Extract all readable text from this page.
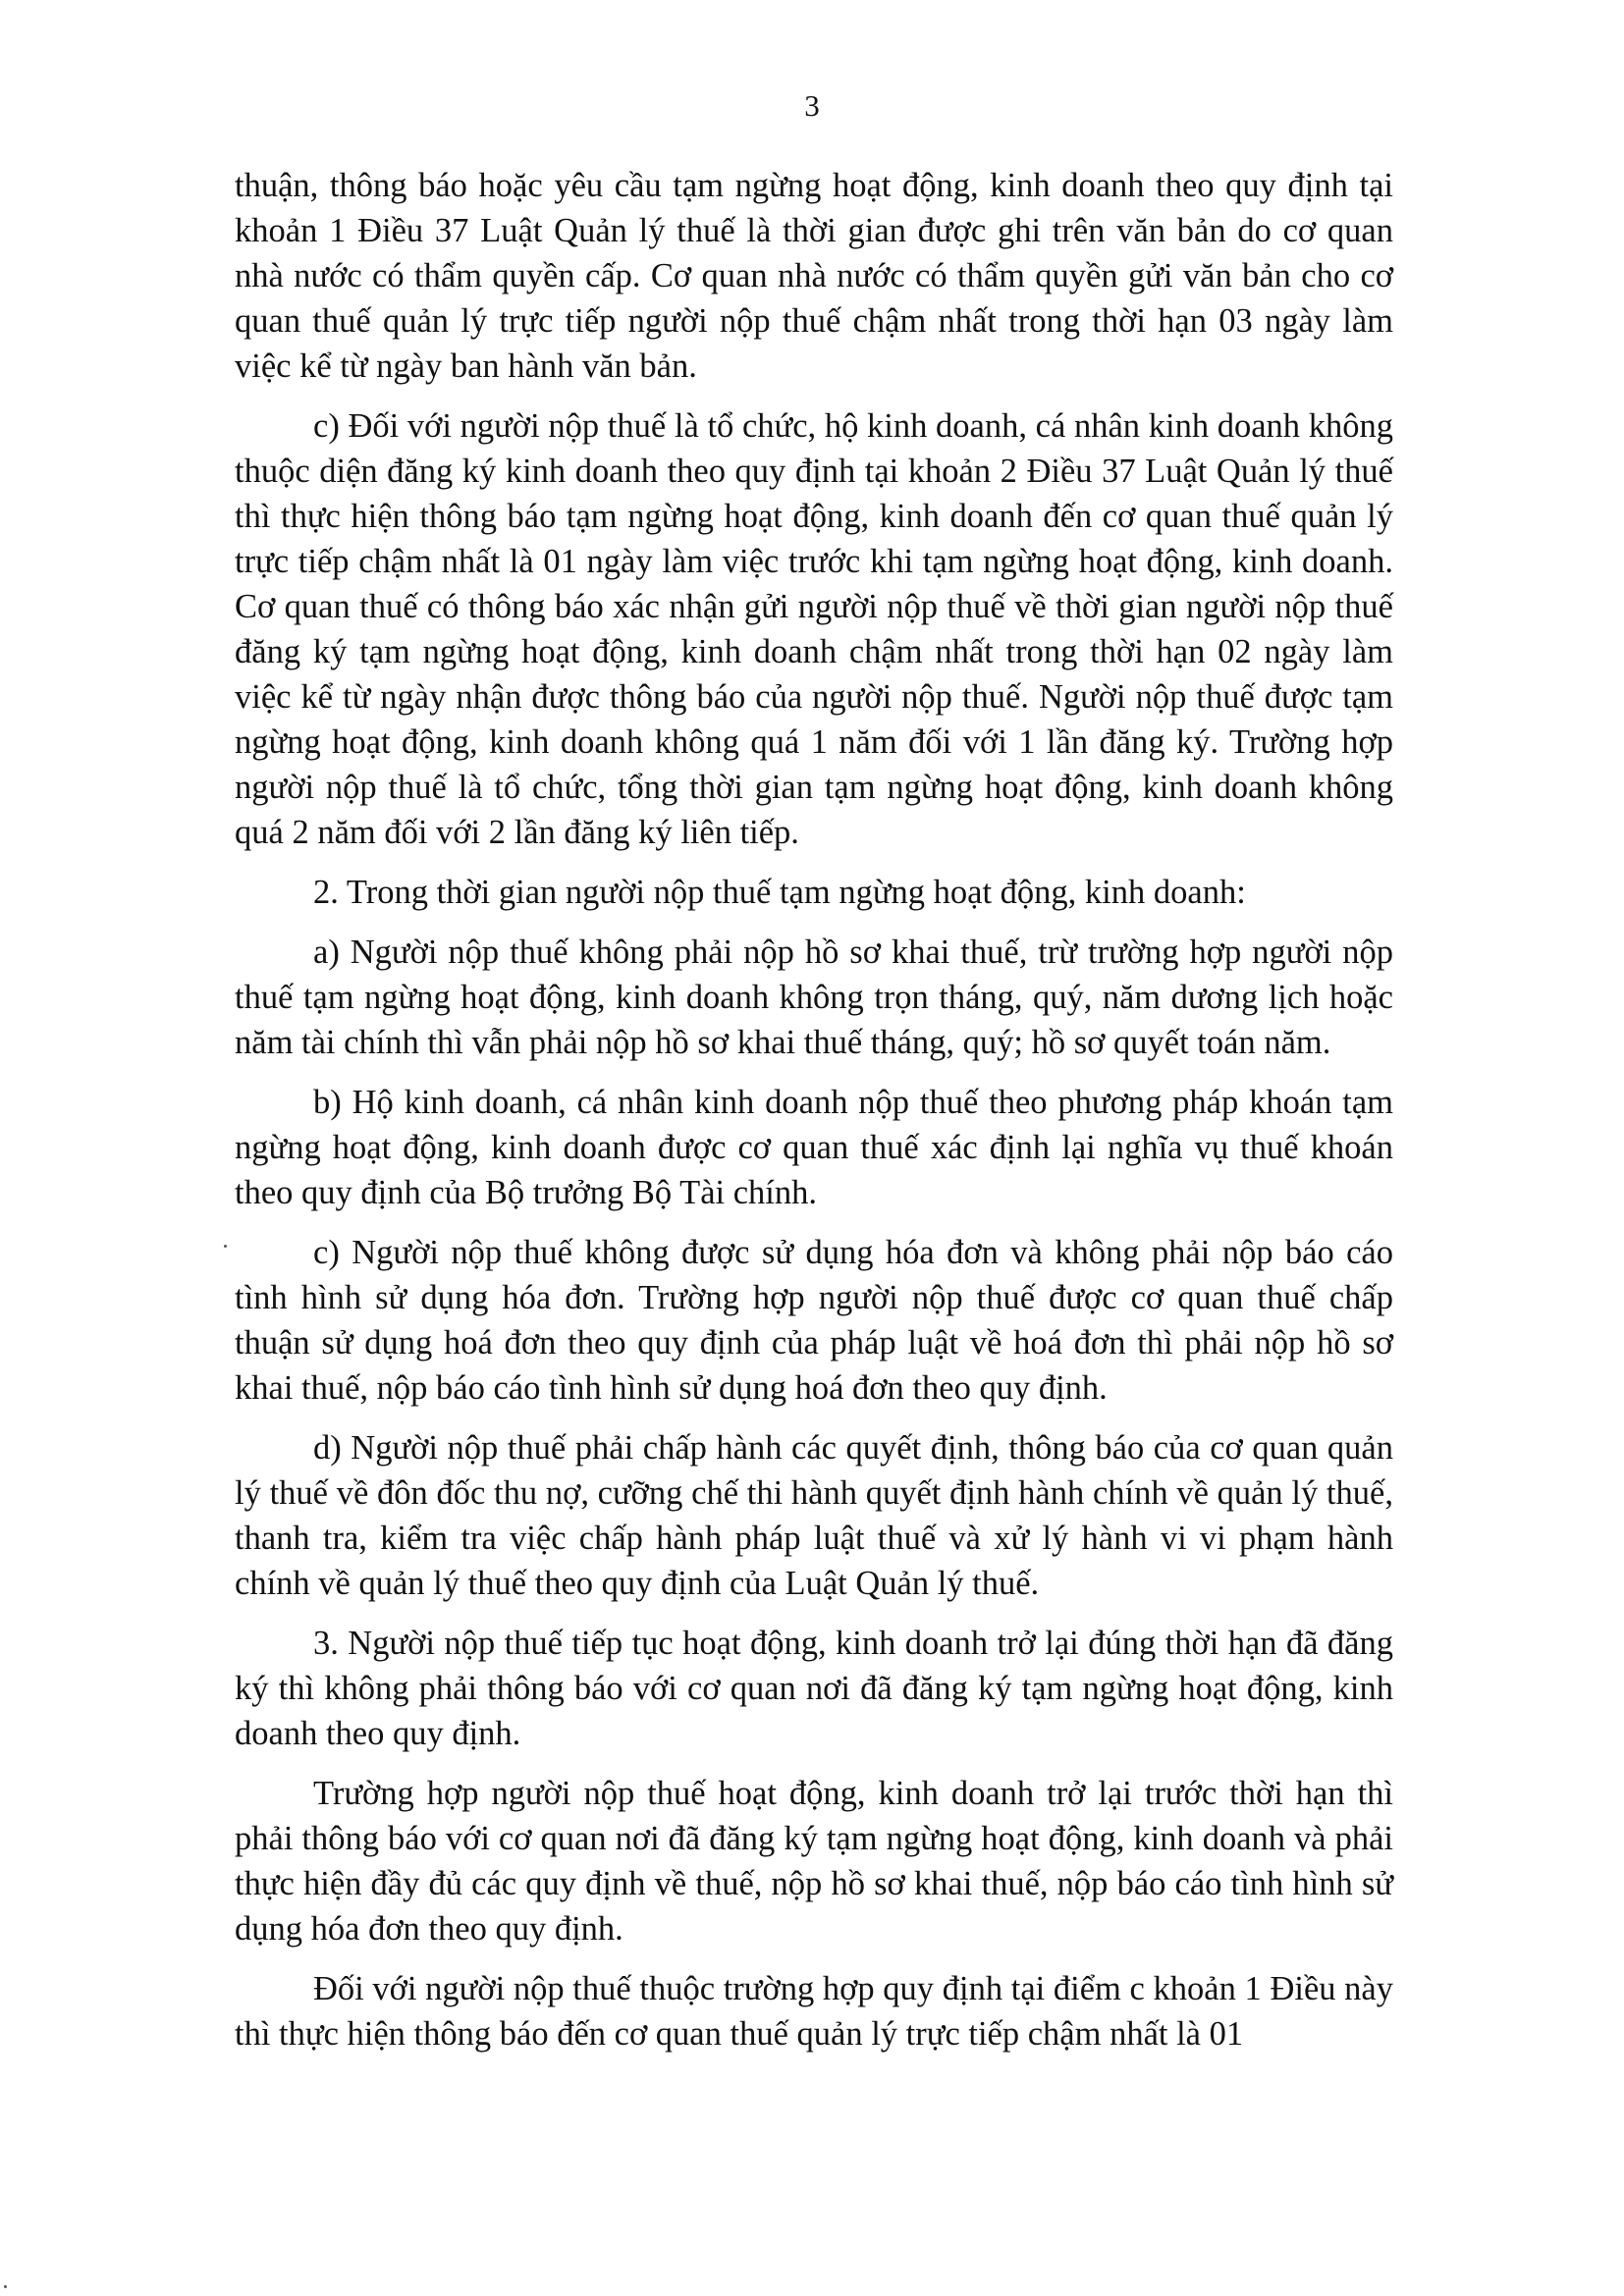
3

thuận, thông báo hoặc yêu cầu tạm ngừng hoạt động, kinh doanh theo quy định tại khoản 1 Điều 37 Luật Quản lý thuế là thời gian được ghi trên văn bản do cơ quan nhà nước có thẩm quyền cấp. Cơ quan nhà nước có thẩm quyền gửi văn bản cho cơ quan thuế quản lý trực tiếp người nộp thuế chậm nhất trong thời hạn 03 ngày làm việc kể từ ngày ban hành văn bản.

c) Đối với người nộp thuế là tổ chức, hộ kinh doanh, cá nhân kinh doanh không thuộc diện đăng ký kinh doanh theo quy định tại khoản 2 Điều 37 Luật Quản lý thuế thì thực hiện thông báo tạm ngừng hoạt động, kinh doanh đến cơ quan thuế quản lý trực tiếp chậm nhất là 01 ngày làm việc trước khi tạm ngừng hoạt động, kinh doanh. Cơ quan thuế có thông báo xác nhận gửi người nộp thuế về thời gian người nộp thuế đăng ký tạm ngừng hoạt động, kinh doanh chậm nhất trong thời hạn 02 ngày làm việc kể từ ngày nhận được thông báo của người nộp thuế. Người nộp thuế được tạm ngừng hoạt động, kinh doanh không quá 1 năm đối với 1 lần đăng ký. Trường hợp người nộp thuế là tổ chức, tổng thời gian tạm ngừng hoạt động, kinh doanh không quá 2 năm đối với 2 lần đăng ký liên tiếp.

2. Trong thời gian người nộp thuế tạm ngừng hoạt động, kinh doanh:

a) Người nộp thuế không phải nộp hồ sơ khai thuế, trừ trường hợp người nộp thuế tạm ngừng hoạt động, kinh doanh không trọn tháng, quý, năm dương lịch hoặc năm tài chính thì vẫn phải nộp hồ sơ khai thuế tháng, quý; hồ sơ quyết toán năm.

b) Hộ kinh doanh, cá nhân kinh doanh nộp thuế theo phương pháp khoán tạm ngừng hoạt động, kinh doanh được cơ quan thuế xác định lại nghĩa vụ thuế khoán theo quy định của Bộ trưởng Bộ Tài chính.

c) Người nộp thuế không được sử dụng hóa đơn và không phải nộp báo cáo tình hình sử dụng hóa đơn. Trường hợp người nộp thuế được cơ quan thuế chấp thuận sử dụng hoá đơn theo quy định của pháp luật về hoá đơn thì phải nộp hồ sơ khai thuế, nộp báo cáo tình hình sử dụng hoá đơn theo quy định.

d) Người nộp thuế phải chấp hành các quyết định, thông báo của cơ quan quản lý thuế về đôn đốc thu nợ, cưỡng chế thi hành quyết định hành chính về quản lý thuế, thanh tra, kiểm tra việc chấp hành pháp luật thuế và xử lý hành vi vi phạm hành chính về quản lý thuế theo quy định của Luật Quản lý thuế.

3. Người nộp thuế tiếp tục hoạt động, kinh doanh trở lại đúng thời hạn đã đăng ký thì không phải thông báo với cơ quan nơi đã đăng ký tạm ngừng hoạt động, kinh doanh theo quy định.

Trường hợp người nộp thuế hoạt động, kinh doanh trở lại trước thời hạn thì phải thông báo với cơ quan nơi đã đăng ký tạm ngừng hoạt động, kinh doanh và phải thực hiện đầy đủ các quy định về thuế, nộp hồ sơ khai thuế, nộp báo cáo tình hình sử dụng hóa đơn theo quy định.

Đối với người nộp thuế thuộc trường hợp quy định tại điểm c khoản 1 Điều này thì thực hiện thông báo đến cơ quan thuế quản lý trực tiếp chậm nhất là 01
